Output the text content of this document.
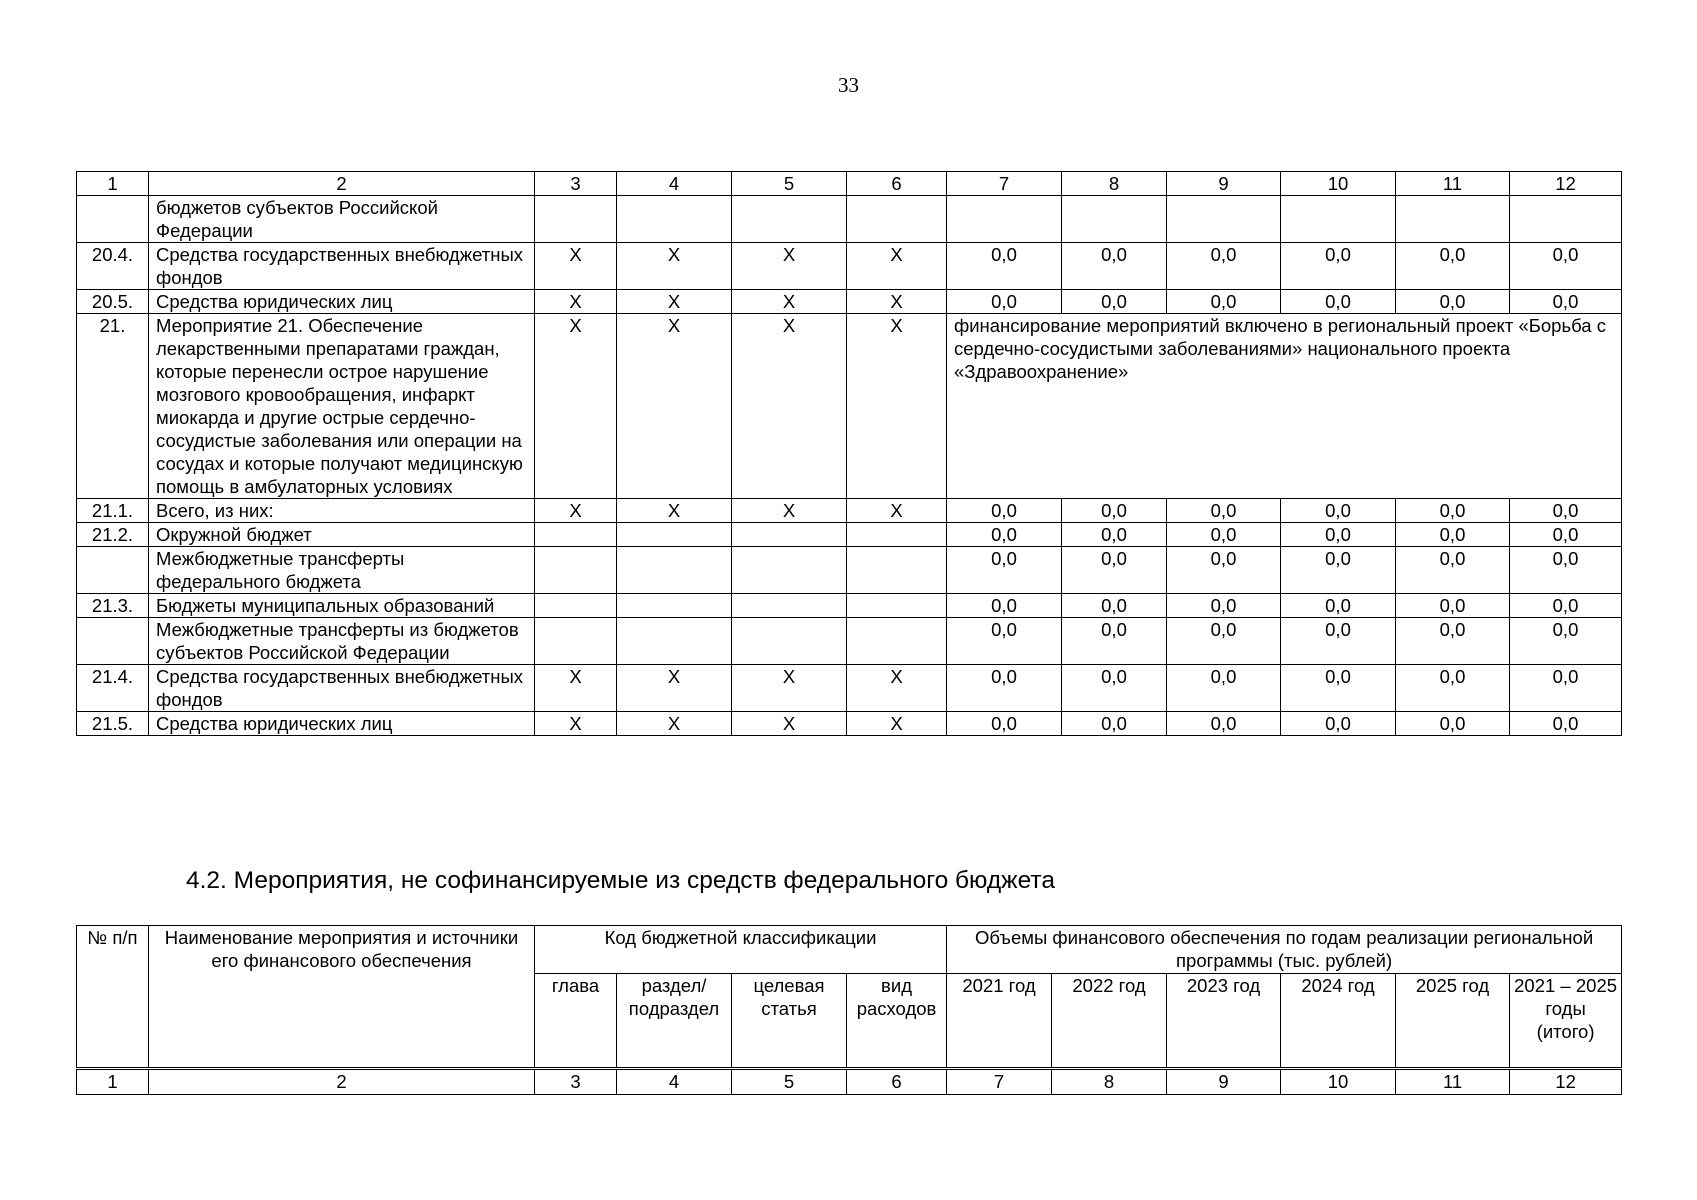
33
1	2	3	4	5	6	7	8	9	10	11	12
	бюджетов субъектов Российской Федерации										
20.4.	Средства государственных внебюджетных фондов	X	X	X	X	0,0	0,0	0,0	0,0	0,0	0,0
20.5.	Средства юридических лиц	X	X	X	X	0,0	0,0	0,0	0,0	0,0	0,0
21.	Мероприятие 21. Обеспечение лекарственными препаратами граждан, которые перенесли острое нарушение мозгового кровообращения, инфаркт миокарда и другие острые сердечно-сосудистые заболевания или операции на сосудах и которые получают медицинскую помощь в амбулаторных условиях	X	X	X	X	финансирование мероприятий включено в региональный проект «Борьба с сердечно-сосудистыми заболеваниями» национального проекта «Здравоохранение»					
21.1.	Всего, из них:	X	X	X	X	0,0	0,0	0,0	0,0	0,0	0,0
21.2.	Окружной бюджет					0,0	0,0	0,0	0,0	0,0	0,0
	Межбюджетные трансферты федерального бюджета					0,0	0,0	0,0	0,0	0,0	0,0
21.3.	Бюджеты муниципальных образований					0,0	0,0	0,0	0,0	0,0	0,0
	Межбюджетные трансферты из бюджетов субъектов Российской Федерации					0,0	0,0	0,0	0,0	0,0	0,0
21.4.	Средства государственных внебюджетных фондов	X	X	X	X	0,0	0,0	0,0	0,0	0,0	0,0
21.5.	Средства юридических лиц	X	X	X	X	0,0	0,0	0,0	0,0	0,0	0,0
4.2. Мероприятия, не софинансируемые из средств федерального бюджета
№ п/п	Наименование мероприятия и источники его финансового обеспечения	Код бюджетной классификации				Объемы финансового обеспечения по годам реализации региональной программы (тыс. рублей)					
		глава	раздел/ подраздел	целевая статья	вид расходов	2021 год	2022 год	2023 год	2024 год	2025 год	2021 – 2025 годы (итого)
1	2	3	4	5	6	7	8	9	10	11	12
